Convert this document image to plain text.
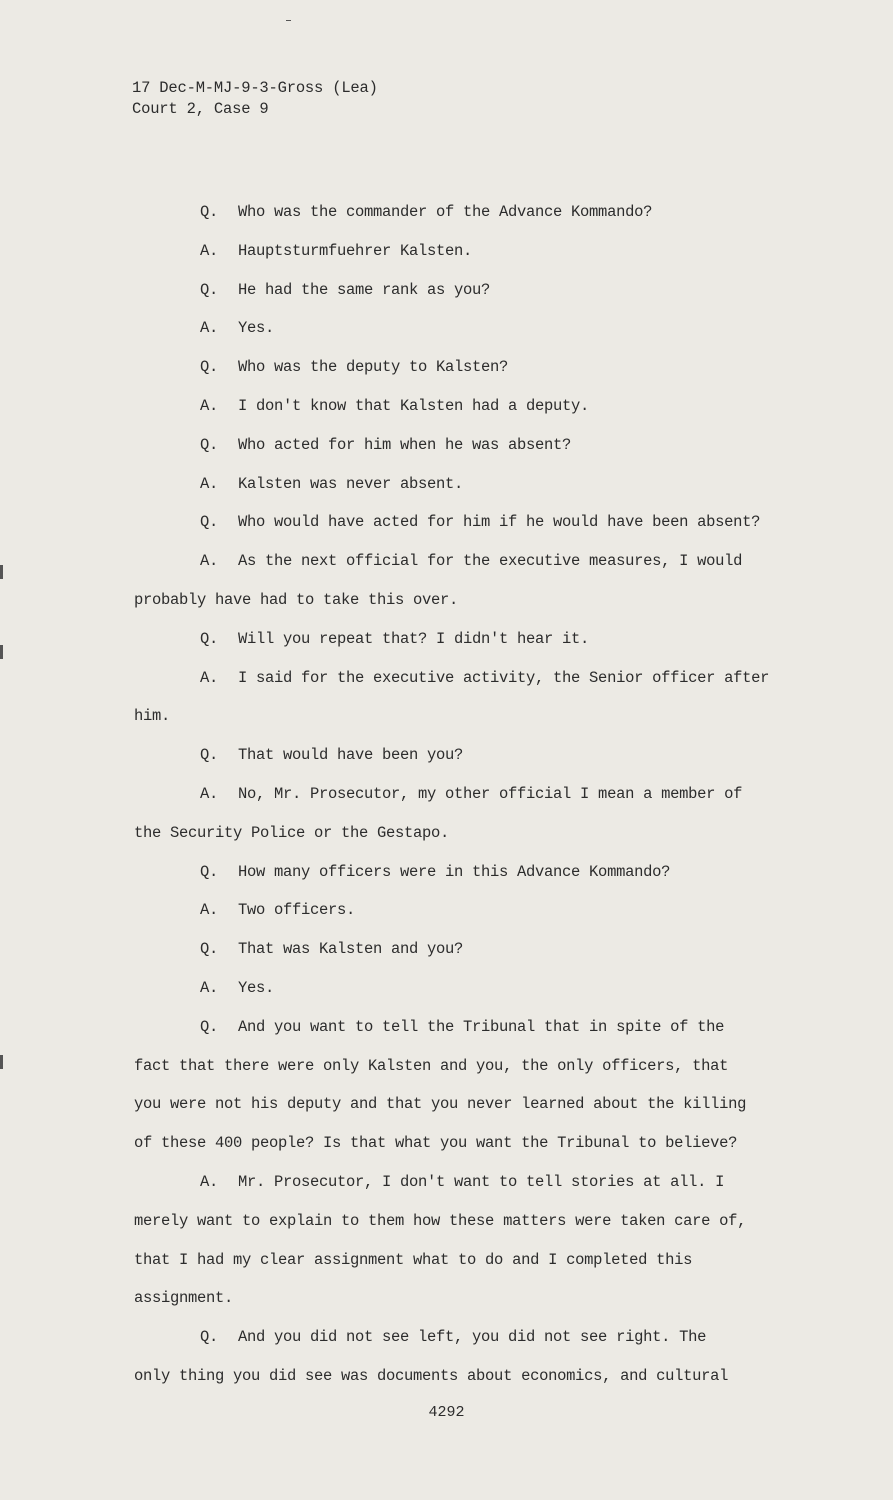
17 Dec-M-MJ-9-3-Gross (Lea)
Court 2, Case 9
Q. Who was the commander of the Advance Kommando?
A. Hauptsturmfuehrer Kalsten.
Q. He had the same rank as you?
A. Yes.
Q. Who was the deputy to Kalsten?
A. I don't know that Kalsten had a deputy.
Q. Who acted for him when he was absent?
A. Kalsten was never absent.
Q. Who would have acted for him if he would have been absent?
A. As the next official for the executive measures, I would
probably have had to take this over.
Q. Will you repeat that? I didn't hear it.
A. I said for the executive activity, the Senior officer after
him.
Q. That would have been you?
A. No, Mr. Prosecutor, my other official I mean a member of
the Security Police or the Gestapo.
Q. How many officers were in this Advance Kommando?
A. Two officers.
Q. That was Kalsten and you?
A. Yes.
Q. And you want to tell the Tribunal that in spite of the
fact that there were only Kalsten and you, the only officers, that
you were not his deputy and that you never learned about the killing
of these 400 people? Is that what you want the Tribunal to believe?
A. Mr. Prosecutor, I don't want to tell stories at all. I
merely want to explain to them how these matters were taken care of,
that I had my clear assignment what to do and I completed this
assignment.
Q. And you did not see left, you did not see right. The
only thing you did see was documents about economics, and cultural
4292
